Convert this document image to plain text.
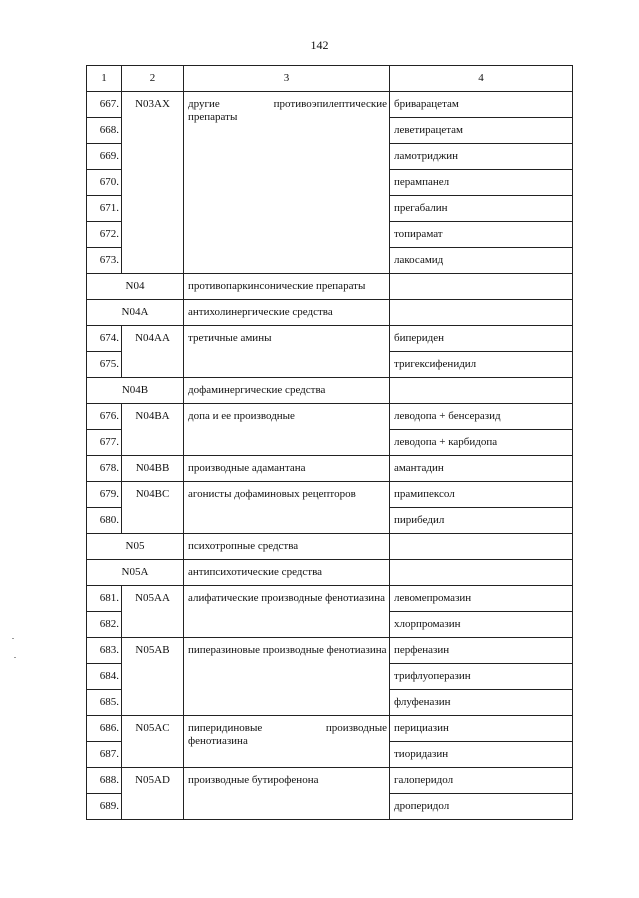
142
1	2	3	4
667.	N03AX	другие противоэпилептические препараты	бриварацетам
668.			леветирацетам
669.			ламотриджин
670.			перампанел
671.			прегабалин
672.			топирамат
673.			лакосамид
N04		противопаркинсонические препараты	
N04A		антихолинергические средства	
674.	N04AA	третичные амины	бипериден
675.			тригексифенидил
N04B		дофаминергические средства	
676.	N04BA	допа и ее производные	леводопа + бенсеразид
677.			леводопа + карбидопа
678.	N04BB	производные адамантана	амантадин
679.	N04BC	агонисты дофаминовых рецепторов	прамипексол
680.			пирибедил
N05		психотропные средства	
N05A		антипсихотические средства	
681.	N05AA	алифатические производные фенотиазина	левомепромазин
682.			хлорпромазин
683.	N05AB	пиперазиновые производные фенотиазина	перфеназин
684.			трифлуоперазин
685.			флуфеназин
686.	N05AC	пиперидиновые производные фенотиазина	перициазин
687.			тиоридазин
688.	N05AD	производные бутирофенона	галоперидол
689.			дроперидол
